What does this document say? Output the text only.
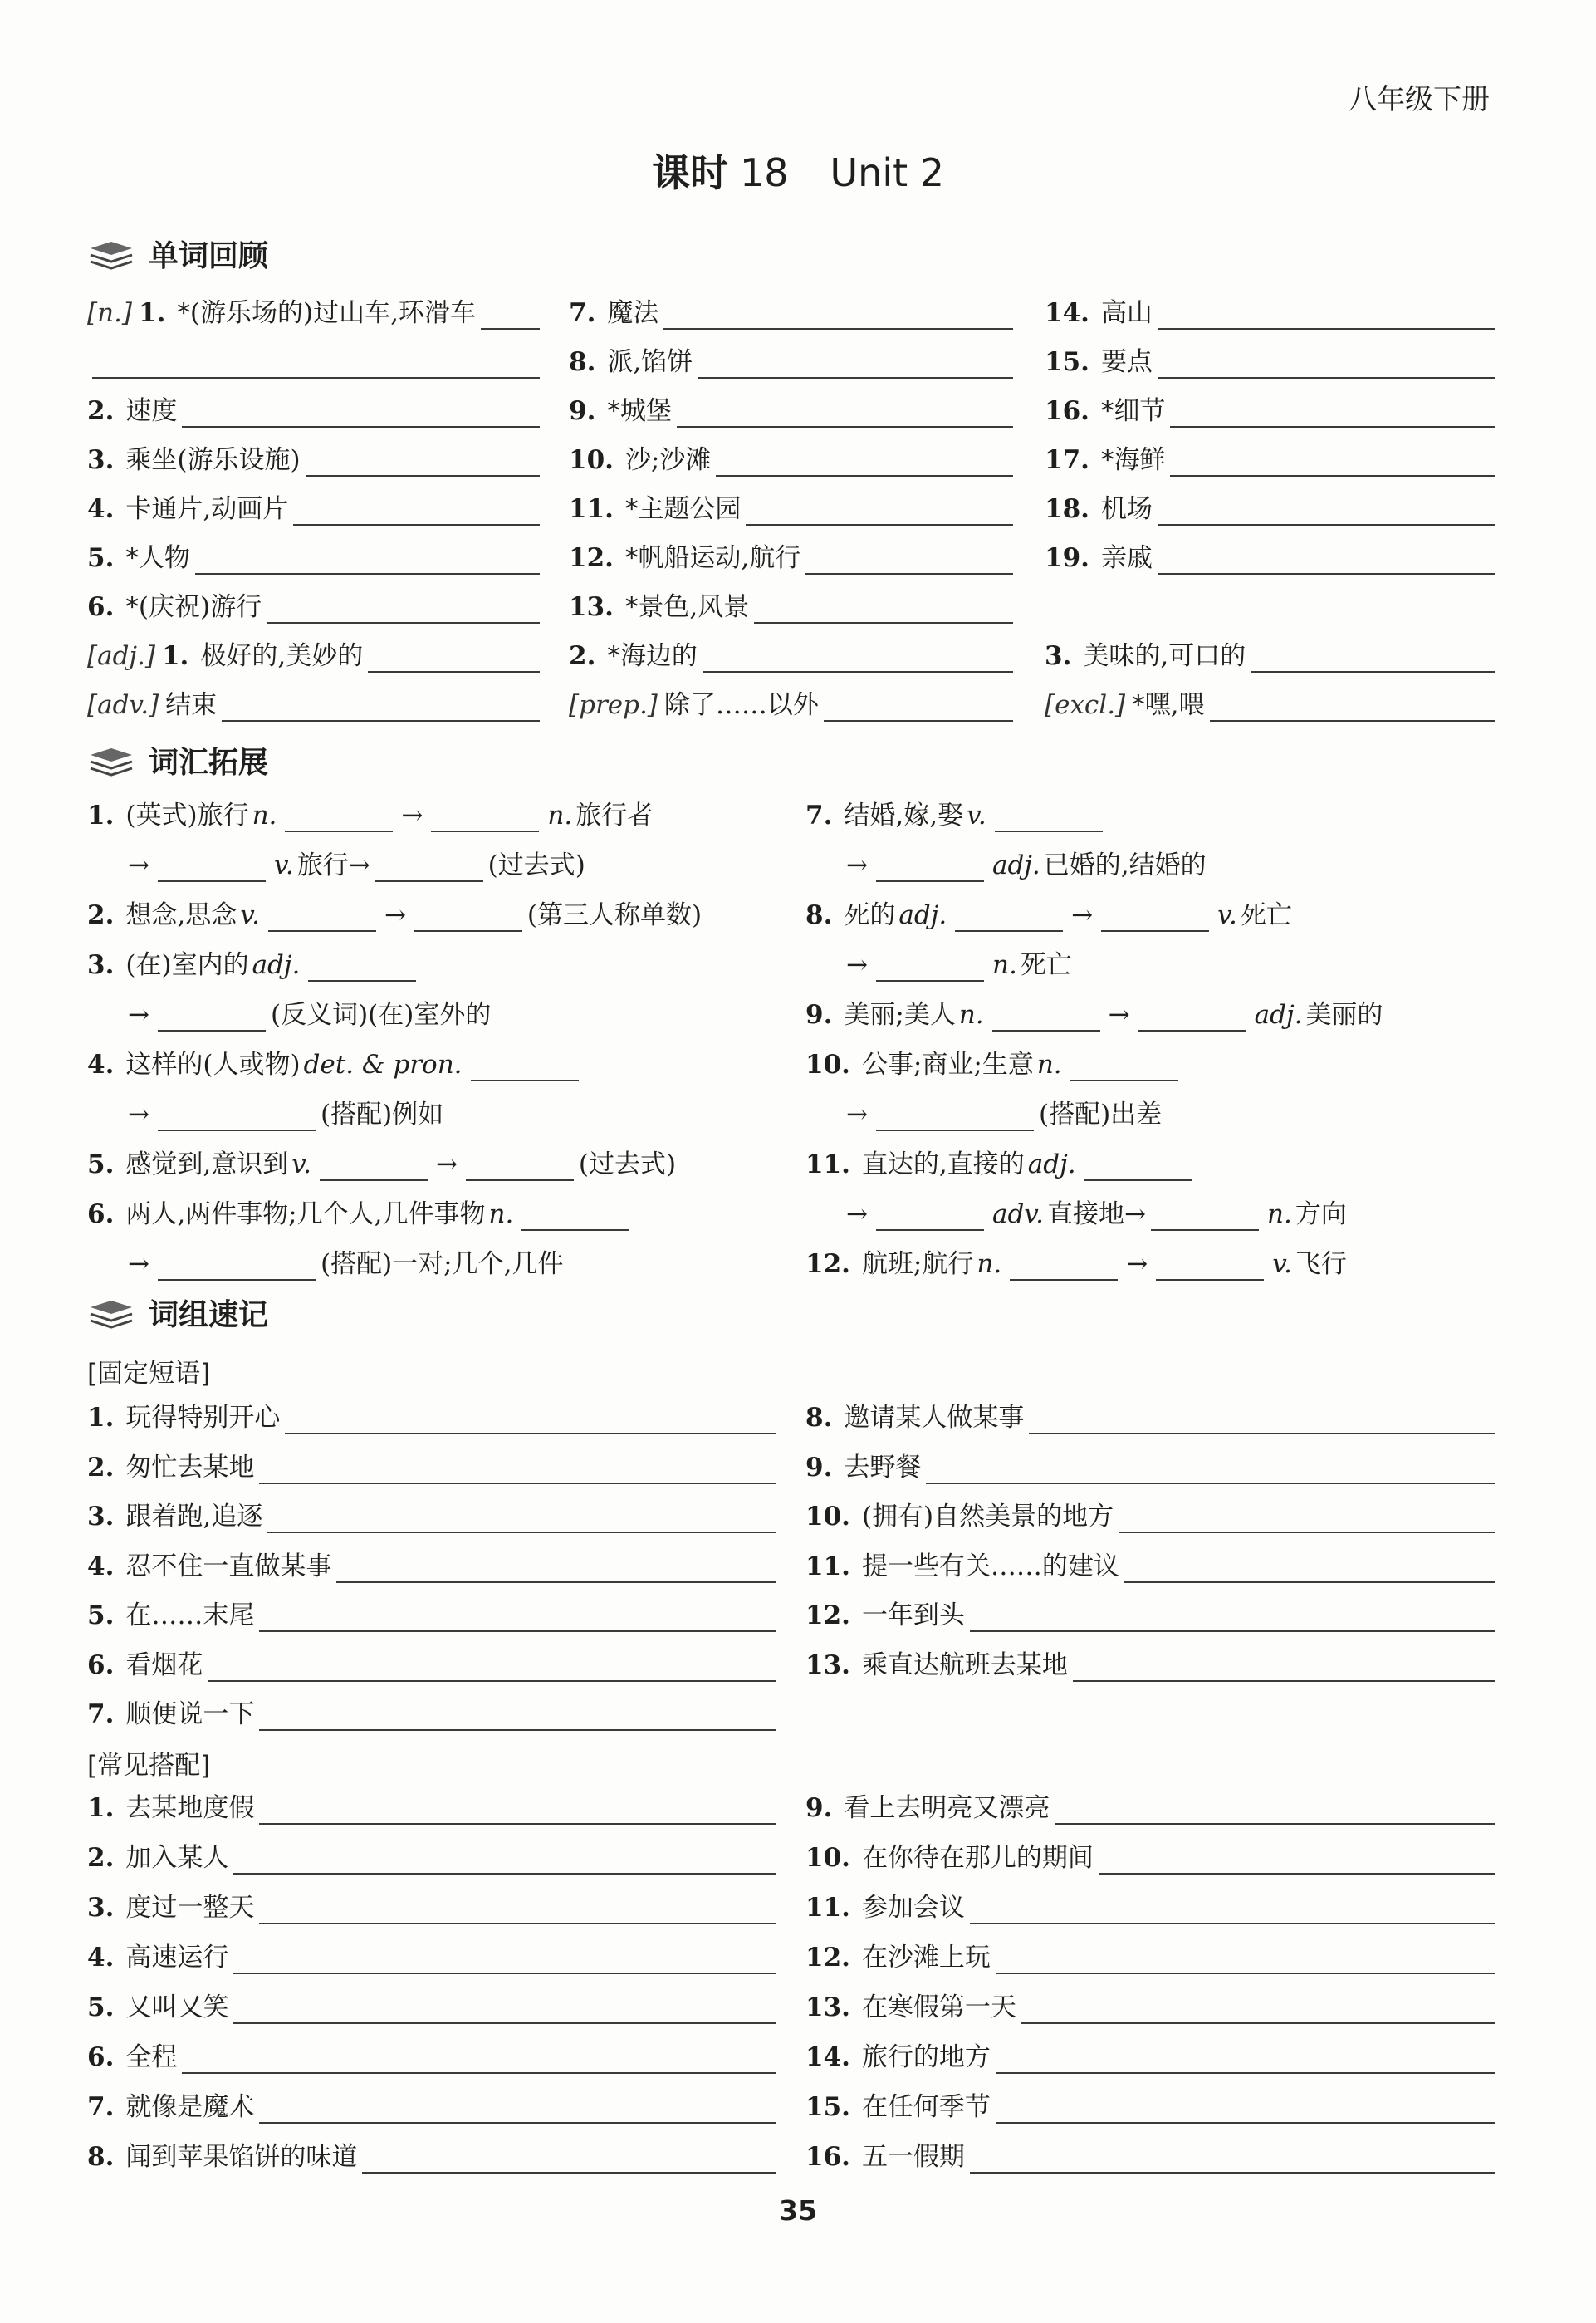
八年级下册
课时 18 Unit 2
单词回顾
[n.] 1. *(游乐场的)过山车,环滑车
2. 速度
3. 乘坐(游乐设施)
4. 卡通片,动画片
5. *人物
6. *(庆祝)游行
7. 魔法
8. 派,馅饼
9. *城堡
10. 沙;沙滩
11. *主题公园
12. *帆船运动,航行
13. *景色,风景
14. 高山
15. 要点
16. *细节
17. *海鲜
18. 机场
19. 亲戚
[adj.] 1. 极好的,美妙的	2. *海边的	3. 美味的,可口的
[adv.] 结束	[prep.] 除了……以外	[excl.] *嘿,喂
词汇拓展
1. (英式)旅行 n.	→	n. 旅行者
→	v. 旅行→	(过去式)
2. 想念,思念 v.	→	(第三人称单数)
3. (在)室内的 adj.
→	(反义词)(在)室外的
4. 这样的(人或物) det. & pron.
→	(搭配)例如
5. 感觉到,意识到 v.	→	(过去式)
6. 两人,两件事物;几个人,几件事物 n.
→	(搭配)一对;几个,几件
7. 结婚,嫁,娶 v.
→	adj. 已婚的,结婚的
8. 死的 adj.	→	v. 死亡
→	n. 死亡
9. 美丽;美人 n.	→	adj. 美丽的
10. 公事;商业;生意 n.
→	(搭配)出差
11. 直达的,直接的 adj.
→	adv. 直接地→	n. 方向
12. 航班;航行 n.	→	v. 飞行
词组速记
[固定短语]
1. 玩得特别开心
2. 匆忙去某地
3. 跟着跑,追逐
4. 忍不住一直做某事
5. 在……末尾
6. 看烟花
7. 顺便说一下
8. 邀请某人做某事
9. 去野餐
10. (拥有)自然美景的地方
11. 提一些有关……的建议
12. 一年到头
13. 乘直达航班去某地
[常见搭配]
1. 去某地度假
2. 加入某人
3. 度过一整天
4. 高速运行
5. 又叫又笑
6. 全程
7. 就像是魔术
8. 闻到苹果馅饼的味道
9. 看上去明亮又漂亮
10. 在你待在那儿的期间
11. 参加会议
12. 在沙滩上玩
13. 在寒假第一天
14. 旅行的地方
15. 在任何季节
16. 五一假期
35
